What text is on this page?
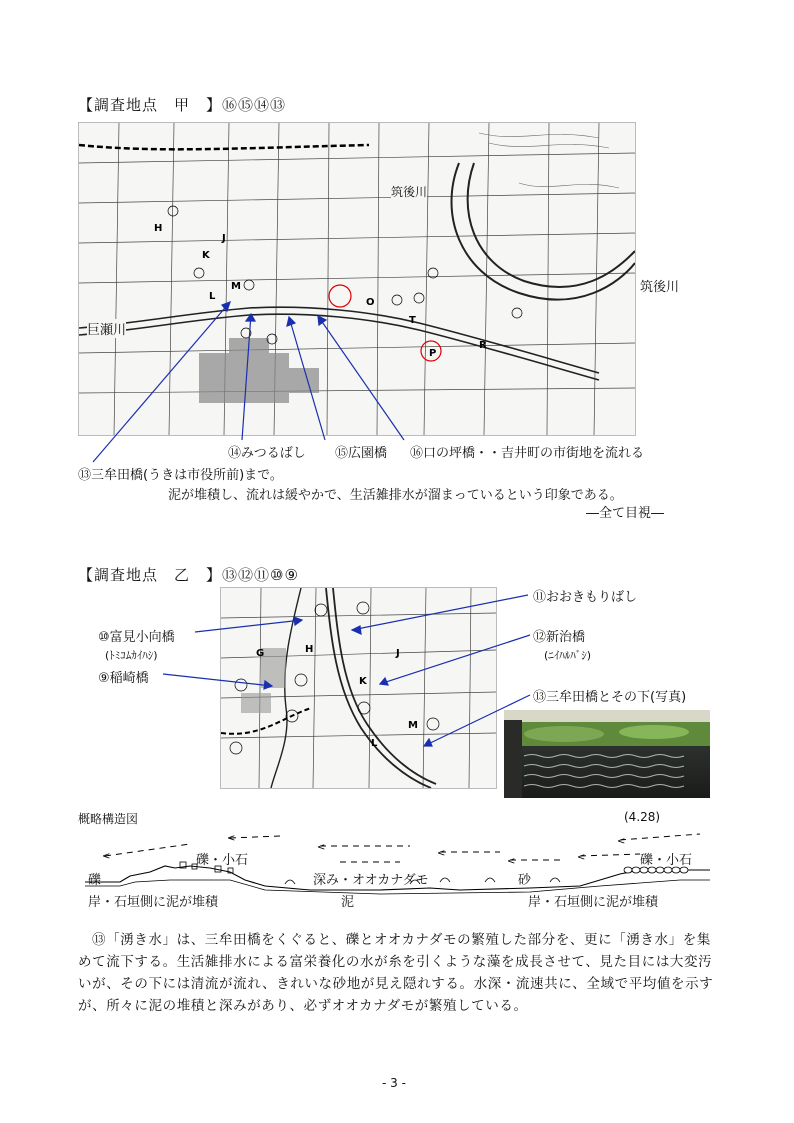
【調査地点　甲　】⑯⑮⑭⑬
H
K
J
L
M
O
T
P
R
筑後川
巨瀬川
筑後川
⑭みつるばし ⑮広園橋 ⑯口の坪橋・・吉井町の市街地を流れる
⑬三牟田橋(うきは市役所前)まで。
泥が堆積し、流れは緩やかで、生活雑排水が溜まっているという印象である。
―全て目視―
【調査地点　乙　】⑬⑫⑪⑩⑨
G	H
K
J
L
M
⑪おおきもりばし
⑩富見小向橋
(ﾄﾐｺﾑｶｲﾊｼ)
⑨稲崎橋
⑫新治橋
(ﾆｲﾊﾙﾊﾞｼ)
⑬三牟田橋とその下(写真)
概略構造図	(4.28)
<
<
<
<
<	<
<
礫・小石	礫・小石
礫	深み・オオカナダモ	砂
岸・石垣側に泥が堆積	泥	岸・石垣側に泥が堆積
⑬「湧き水」は、三牟田橋をくぐると、礫とオオカナダモの繁殖した部分を、更に「湧き水」を集めて流下する。生活雑排水による富栄養化の水が糸を引くような藻を成長させて、見た目には大変汚いが、その下には清流が流れ、きれいな砂地が見え隠れする。水深・流速共に、全域で平均値を示すが、所々に泥の堆積と深みがあり、必ずオオカナダモが繁殖している。
- 3 -
